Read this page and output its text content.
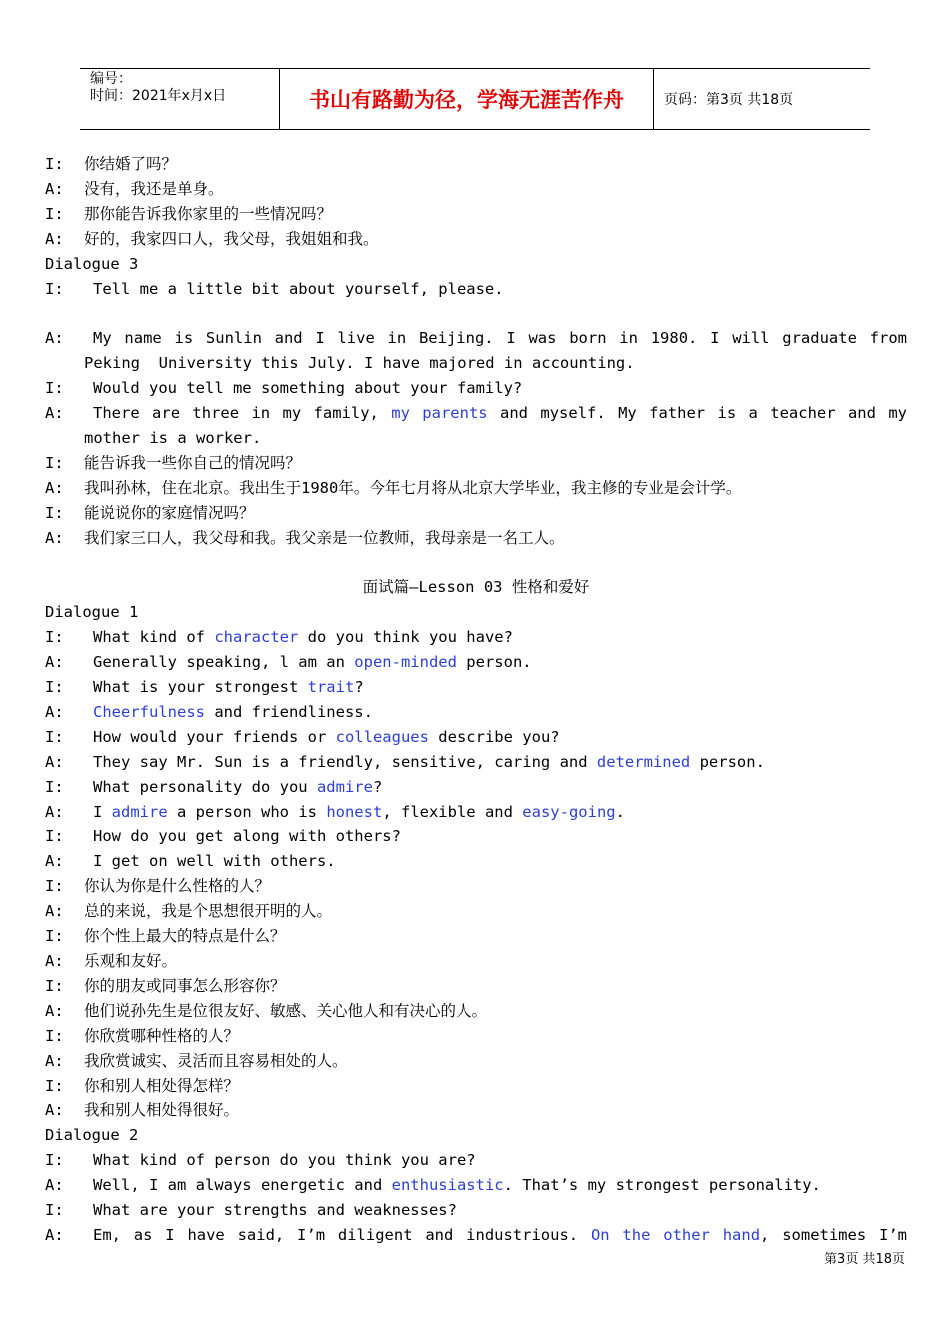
编号：
时间：2021年x月x日	书山有路勤为径，学海无涯苦作舟	页码：第3页 共18页
I:	你结婚了吗？
A:	没有，我还是单身。
I:	那你能告诉我你家里的一些情况吗？
A:	好的，我家四口人，我父母，我姐姐和我。
Dialogue 3
I:	Tell me a little bit about yourself, please.
A:	My name is Sunlin and I live in Beijing. I was born in 1980. I will graduate from
Peking  University this July. I have majored in accounting.
I:	Would you tell me something about your family?
A:	There are three in my family, my parents and myself. My father is a teacher and my
mother is a worker.
I:	能告诉我一些你自己的情况吗？
A:	我叫孙林，住在北京。我出生于1980年。今年七月将从北京大学毕业，我主修的专业是会计学。
I:	能说说你的家庭情况吗？
A:	我们家三口人，我父母和我。我父亲是一位教师，我母亲是一名工人。
面试篇—Lesson 03 性格和爱好
Dialogue 1
I:	What kind of character do you think you have?
A:	Generally speaking, l am an open-minded person.
I:	What is your strongest trait?
A:	Cheerfulness and friendliness.
I:	How would your friends or colleagues describe you?
A:	They say Mr. Sun is a friendly, sensitive, caring and determined person.
I:	What personality do you admire?
A:	I admire a person who is honest, flexible and easy-going.
I:	How do you get along with others?
A:	I get on well with others.
I:	你认为你是什么性格的人？
A:	总的来说，我是个思想很开明的人。
I:	你个性上最大的特点是什么？
A:	乐观和友好。
I:	你的朋友或同事怎么形容你？
A:	他们说孙先生是位很友好、敏感、关心他人和有决心的人。
I:	你欣赏哪种性格的人？
A:	我欣赏诚实、灵活而且容易相处的人。
I:	你和别人相处得怎样？
A:	我和别人相处得很好。
Dialogue 2
I:	What kind of person do you think you are?
A:	Well, I am always energetic and enthusiastic. That’s my strongest personality.
I:	What are your strengths and weaknesses?
A:	Em, as I have said, I’m diligent and industrious. On the other hand, sometimes I’m
第3页 共18页
